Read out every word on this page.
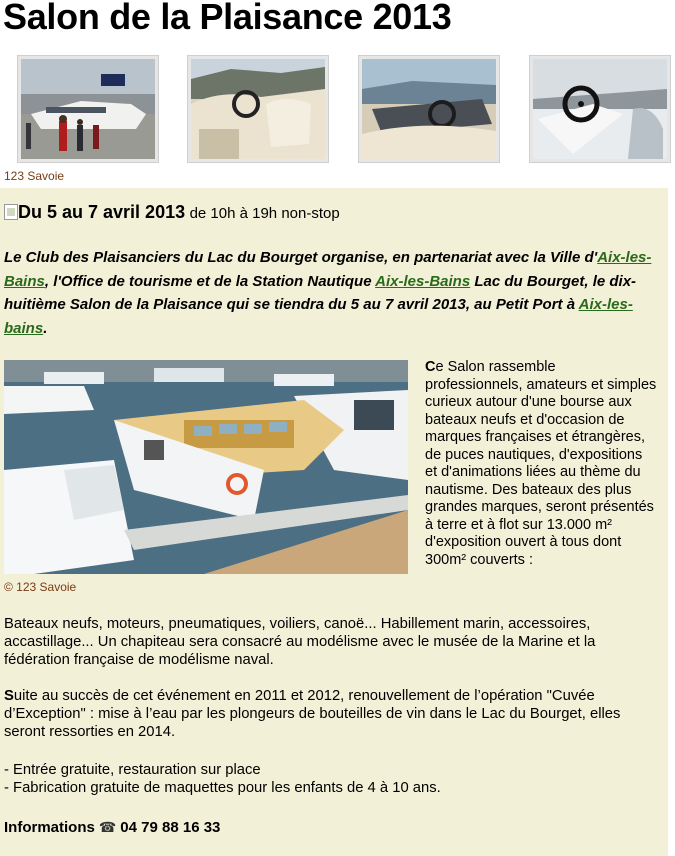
Salon de la Plaisance 2013
123 Savoie
Du 5 au 7 avril 2013 de 10h à 19h non-stop

Le Club des Plaisanciers du Lac du Bourget organise, en partenariat avec la Ville d'Aix-les-Bains, l'Office de tourisme et de la Station Nautique Aix-les-Bains Lac du Bourget, le dix-huitième Salon de la Plaisance qui se tiendra du 5 au 7 avril 2013, au Petit Port à Aix-les-bains.

© 123 Savoie

Ce Salon rassemble professionnels, amateurs et simples curieux autour d'une bourse aux bateaux neufs et d'occasion de marques françaises et étrangères, de puces nautiques, d'expositions et d'animations liées au thème du nautisme. Des bateaux des plus grandes marques, seront présentés à terre et à flot sur 13.000 m² d'exposition ouvert à tous dont 300m² couverts :

Bateaux neufs, moteurs, pneumatiques, voiliers, canoë... Habillement marin, accessoires, accastillage... Un chapiteau sera consacré au modélisme avec le musée de la Marine et la fédération française de modélisme naval.

Suite au succès de cet événement en 2011 et 2012, renouvellement de l’opération "Cuvée d’Exception" : mise à l’eau par les plongeurs de bouteilles de vin dans le Lac du Bourget, elles seront ressorties en 2014.

- Entrée gratuite, restauration sur place
- Fabrication gratuite de maquettes pour les enfants de 4 à 10 ans.

Informations ☎ 04 79 88 16 33
